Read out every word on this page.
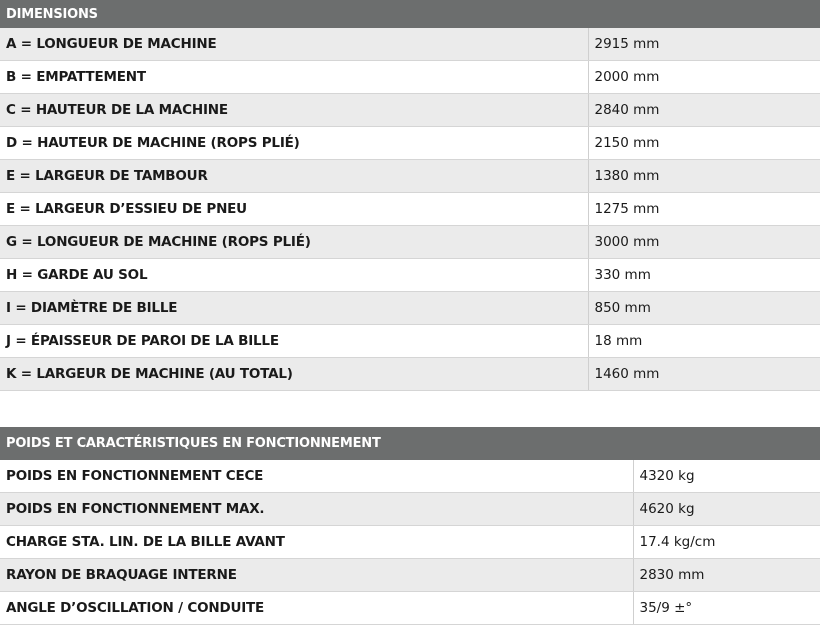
DIMENSIONS
A = LONGUEUR DE MACHINE	2915 mm
B = EMPATTEMENT	2000 mm
C = HAUTEUR DE LA MACHINE	2840 mm
D = HAUTEUR DE MACHINE (ROPS PLIÉ)	2150 mm
E = LARGEUR DE TAMBOUR	1380 mm
E = LARGEUR D’ESSIEU DE PNEU	1275 mm
G = LONGUEUR DE MACHINE (ROPS PLIÉ)	3000 mm
H = GARDE AU SOL	330 mm
I = DIAMÈTRE DE BILLE	850 mm
J = ÉPAISSEUR DE PAROI DE LA BILLE	18 mm
K = LARGEUR DE MACHINE (AU TOTAL)	1460 mm
POIDS ET CARACTÉRISTIQUES EN FONCTIONNEMENT
POIDS EN FONCTIONNEMENT CECE	4320 kg
POIDS EN FONCTIONNEMENT MAX.	4620 kg
CHARGE STA. LIN. DE LA BILLE AVANT	17.4 kg/cm
RAYON DE BRAQUAGE INTERNE	2830 mm
ANGLE D’OSCILLATION / CONDUITE	35/9 ±°
